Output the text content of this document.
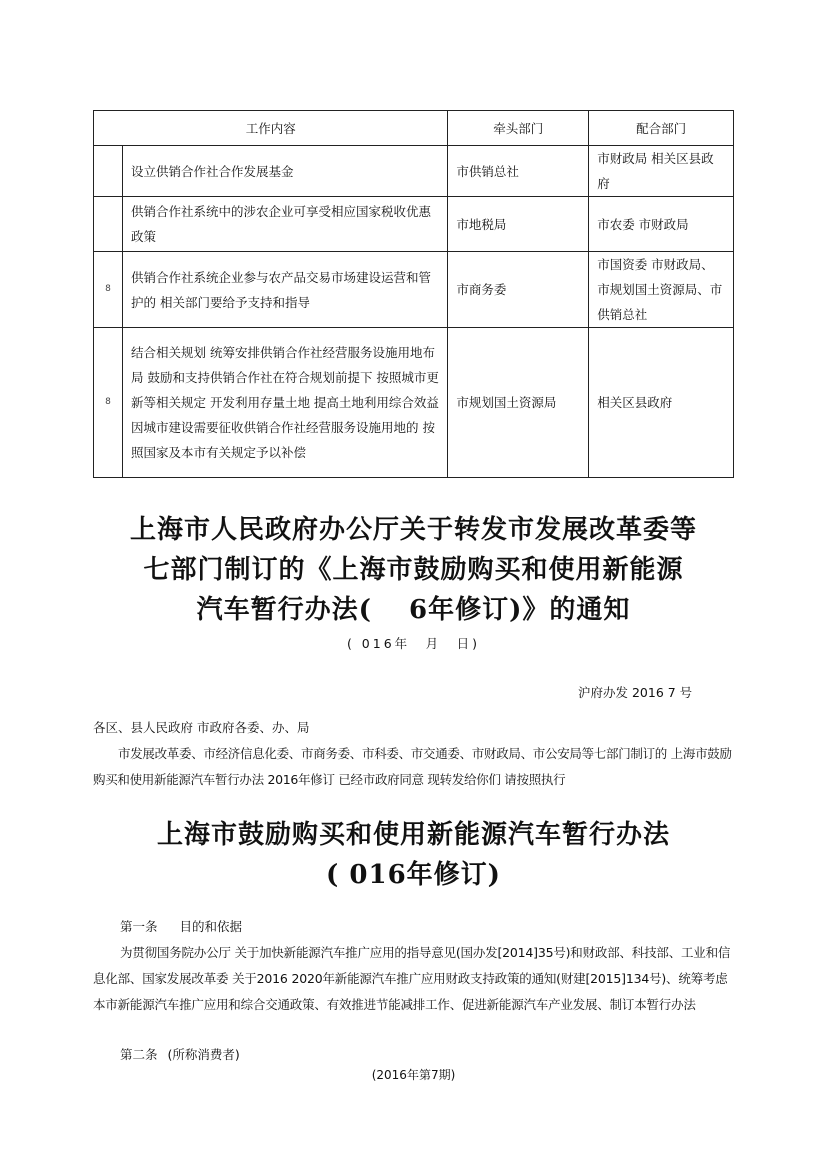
工作内容		牵头部门	配合部门
	设立供销合作社合作发展基金	市供销总社	市财政局 相关区县政府
	供销合作社系统中的涉农企业可享受相应国家税收优惠政策	市地税局	市农委 市财政局
8	供销合作社系统企业参与农产品交易市场建设运营和管护的 相关部门要给予支持和指导	市商务委	市国资委 市财政局、市规划国土资源局、市供销总社
8	结合相关规划 统筹安排供销合作社经营服务设施用地布局 鼓励和支持供销合作社在符合规划前提下 按照城市更新等相关规定 开发利用存量土地 提高土地利用综合效益 因城市建设需要征收供销合作社经营服务设施用地的 按照国家及本市有关规定予以补偿	市规划国土资源局	相关区县政府
上海市人民政府办公厅关于转发市发展改革委等
七部门制订的《上海市鼓励购买和使用新能源
汽车暂行办法(　 6年修订)》的通知
( 016年　月　日)
沪府办发 2016 7 号
各区、县人民政府 市政府各委、办、局
市发展改革委、市经济信息化委、市商务委、市科委、市交通委、市财政局、市公安局等七部门制订的 上海市鼓励购买和使用新能源汽车暂行办法 2016年修订 已经市政府同意 现转发给你们 请按照执行
上海市鼓励购买和使用新能源汽车暂行办法
( 016年修订)
第一条 目的和依据
为贯彻国务院办公厅 关于加快新能源汽车推广应用的指导意见(国办发[2014]35号)和财政部、科技部、工业和信息化部、国家发展改革委 关于2016 2020年新能源汽车推广应用财政支持政策的通知(财建[2015]134号)、统筹考虑本市新能源汽车推广应用和综合交通政策、有效推进节能减排工作、促进新能源汽车产业发展、制订本暂行办法
第二条 (所称消费者)
(2016年第7期)
